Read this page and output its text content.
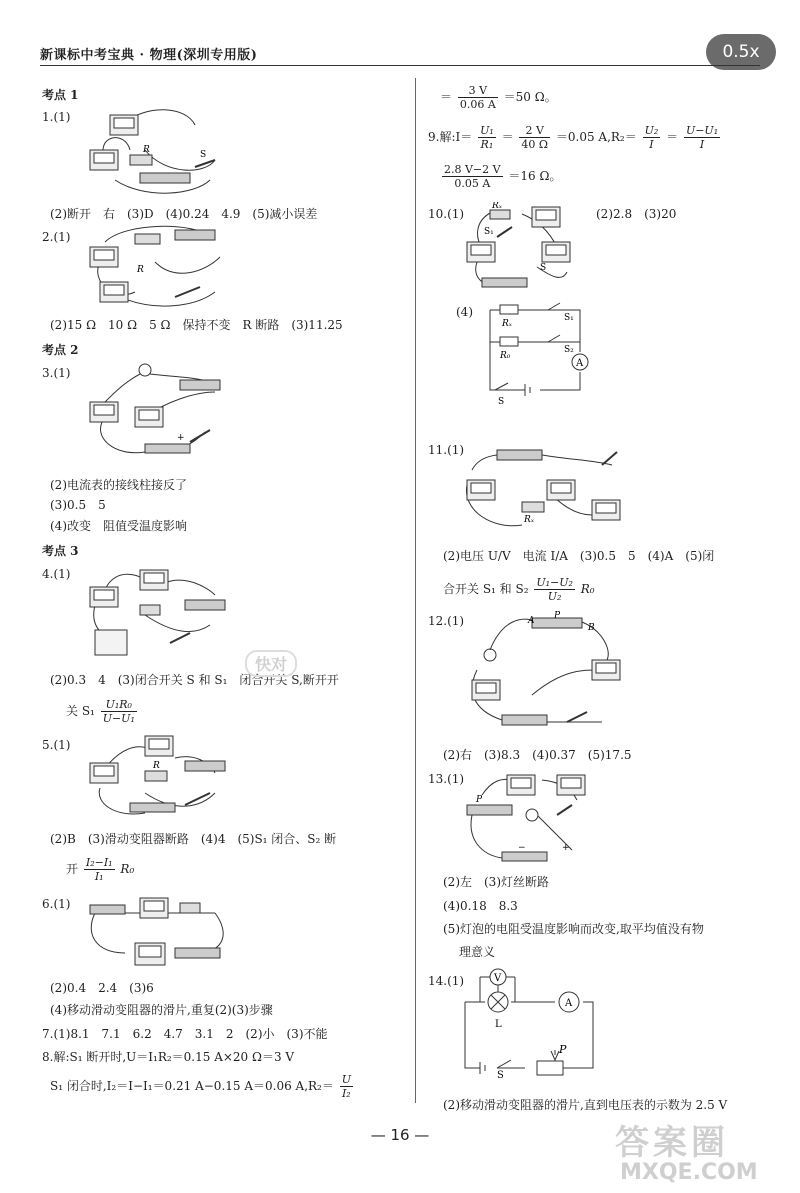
新课标中考宝典 · 物理(深圳专用版)	0.5x
考点 1
1.(1)
R	S
(2)断开　右　(3)D　(4)0.24　4.9　(5)减小误差
2.(1)
R
(2)15 Ω　10 Ω　5 Ω　保持不变　R 断路　(3)11.25
考点 2
3.(1)
+
(2)电流表的接线柱接反了
(3)0.5　5
(4)改变　阻值受温度影响
考点 3
4.(1)
(2)0.3　4　(3)闭合开关 S 和 S₁　闭合开关 S,断开开
关 $S_1 \frac{\text{U₁R₀}}{\text{U−U₁}}$
5.(1)
R
(2)B　(3)滑动变阻器断路　(4)4　(5)S₁ 闭合、S₂ 断
开 $\frac{\text{I₂−I₁}}{\text{I₁}} R_0$
6.(1)
(2)0.4　2.4　(3)6
(4)移动滑动变阻器的滑片,重复(2)(3)步骤
7.(1)8.1　7.1　6.2　4.7　3.1　2　(2)小　(3)不能
8.解:S₁ 断开时,U＝I₁R₂＝0.15 A×20 Ω＝3 V
S₁ 闭合时,I₂＝I−I₁＝0.21 A−0.15 A＝0.06 $A,R_2= \frac{U}{\text{I₂}}$
＝ $\frac{3 V}{0.06 A} =50$ Ω。
9.解:I＝ $\frac{\text{U₁}}{\text{R₁}} = \frac{2 V}{40 \Omega} =0.05$ $A,R_2= \frac{\text{U₂}}{I} = \frac{\text{U−U₁}}{I}$
$\frac{2.8 V-2 V}{0.05 A} =16$ Ω。
10.(1)	(2)2.8　(3)20
Rₓ
S₁
S
(4)
Rₓ
R₀
S₁
S₂
A
S
11.(1)
Rₓ
(2)电压 U/V　电流 I/A　(3)0.5　5　(4)A　(5)闭
合开关 S₁ 和 $S_2 \frac{\text{U₁−U₂}}{\text{U₂}} R_0$
12.(1)	A P
B
(2)右　(3)8.3　(4)0.37　(5)17.5
13.(1)
P
−	+
(2)左　(3)灯丝断路
(4)0.18　8.3
(5)灯泡的电阻受温度影响而改变,取平均值没有物
理意义
14.(1)	V
A
L
P
S
(2)移动滑动变阻器的滑片,直到电压表的示数为 2.5 V
— 16 —	答案圈
MXQE.COM
快对
